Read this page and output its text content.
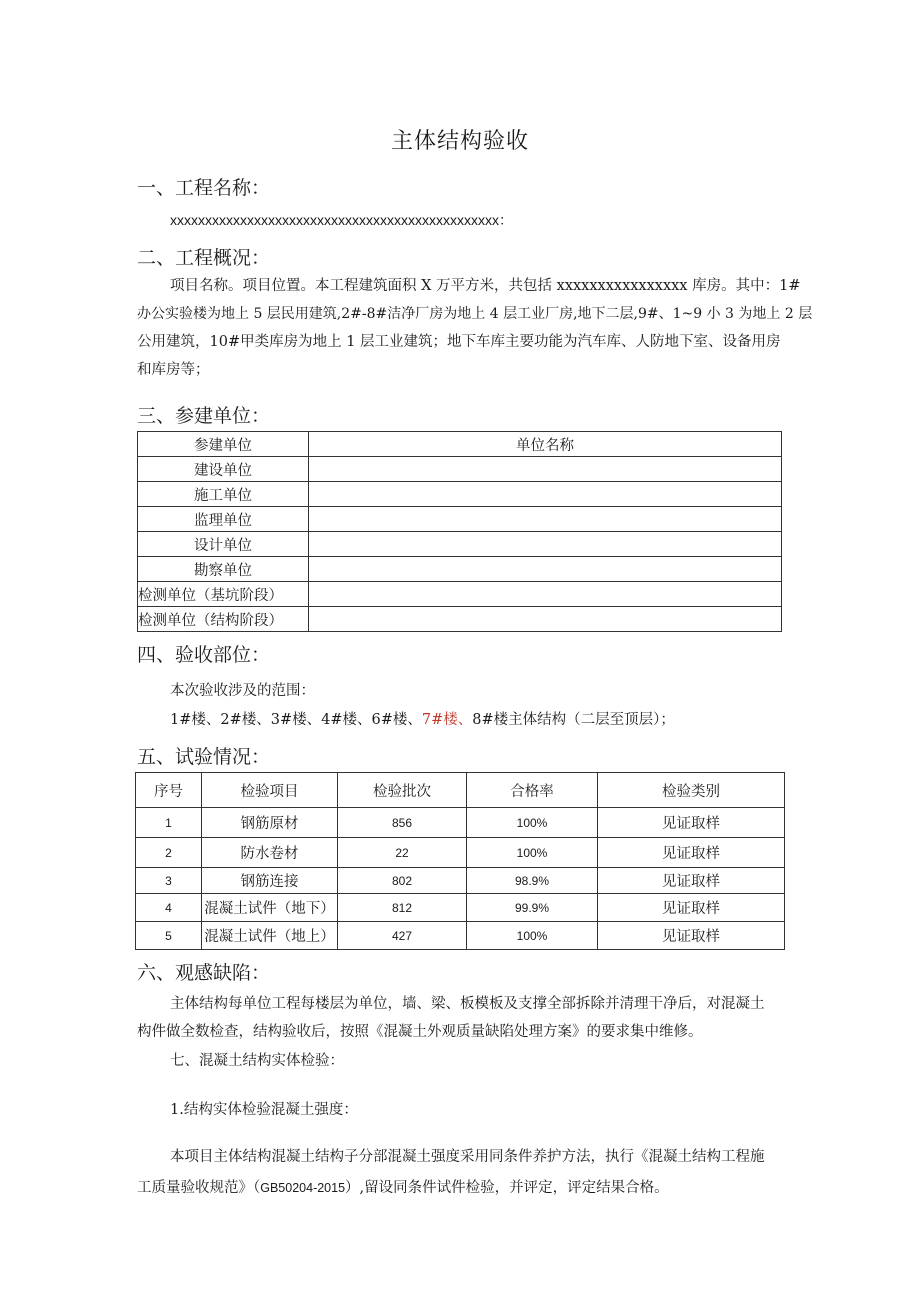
主体结构验收
一、工程名称：
xxxxxxxxxxxxxxxxxxxxxxxxxxxxxxxxxxxxxxxxxxxxxxx：
二、工程概况：
项目名称。项目位置。本工程建筑面积 X 万平方米，共包括 xxxxxxxxxxxxxxxx 库房。其中：1#
办公实验楼为地上 5 层民用建筑,2#-8#洁净厂房为地上 4 层工业厂房,地下二层,9#、1~9 小 3 为地上 2 层
公用建筑，10#甲类库房为地上 1 层工业建筑；地下车库主要功能为汽车库、人防地下室、设备用房
和库房等；
三、参建单位：
参建单位	单位名称
建设单位	
施工单位	
监理单位	
设计单位	
勘察单位	
检测单位（基坑阶段）	
检测单位（结构阶段）	
四、验收部位：
本次验收涉及的范围：
1#楼、2#楼、3#楼、4#楼、6#楼、7#楼、8#楼主体结构（二层至顶层）；
五、试验情况：
序号	检验项目	检验批次	合格率	检验类别
1	钢筋原材	856	100%	见证取样
2	防水卷材	22	100%	见证取样
3	钢筋连接	802	98.9%	见证取样
4	混凝土试件（地下）	812	99.9%	见证取样
5	混凝土试件（地上）	427	100%	见证取样
六、观感缺陷：
主体结构每单位工程每楼层为单位，墙、梁、板模板及支撑全部拆除并清理干净后，对混凝土
构件做全数检查，结构验收后，按照《混凝土外观质量缺陷处理方案》的要求集中维修。
七、混凝土结构实体检验：
1.结构实体检验混凝土强度：
本项目主体结构混凝土结构子分部混凝土强度采用同条件养护方法，执行《混凝土结构工程施
工质量验收规范》（GB50204-2015）,留设同条件试件检验，并评定，评定结果合格。
